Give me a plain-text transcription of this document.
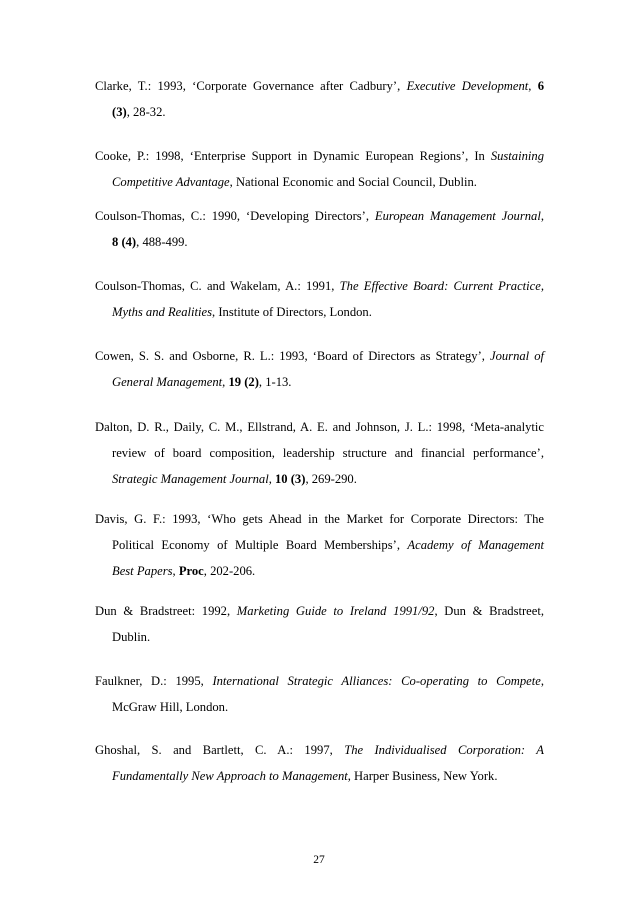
Clarke, T.: 1993, ‘Corporate Governance after Cadbury’, Executive Development, 6
(3), 28-32.
Cooke, P.: 1998, ‘Enterprise Support in Dynamic European Regions’, In Sustaining
Competitive Advantage, National Economic and Social Council, Dublin.
Coulson-Thomas, C.: 1990, ‘Developing Directors’, European Management Journal,
8 (4), 488-499.
Coulson-Thomas, C. and Wakelam, A.: 1991, The Effective Board: Current Practice,
Myths and Realities, Institute of Directors, London.
Cowen, S. S. and Osborne, R. L.: 1993, ‘Board of Directors as Strategy’, Journal of
General Management, 19 (2), 1-13.
Dalton, D. R., Daily, C. M., Ellstrand, A. E. and Johnson, J. L.: 1998, ‘Meta-analytic
review of board composition, leadership structure and financial performance’,
Strategic Management Journal, 10 (3), 269-290.
Davis, G. F.: 1993, ‘Who gets Ahead in the Market for Corporate Directors: The
Political Economy of Multiple Board Memberships’, Academy of Management
Best Papers, Proc, 202-206.
Dun & Bradstreet: 1992, Marketing Guide to Ireland 1991/92, Dun & Bradstreet,
Dublin.
Faulkner, D.: 1995, International Strategic Alliances: Co-operating to Compete,
McGraw Hill, London.
Ghoshal, S. and Bartlett, C. A.: 1997, The Individualised Corporation: A
Fundamentally New Approach to Management, Harper Business, New York.
27
